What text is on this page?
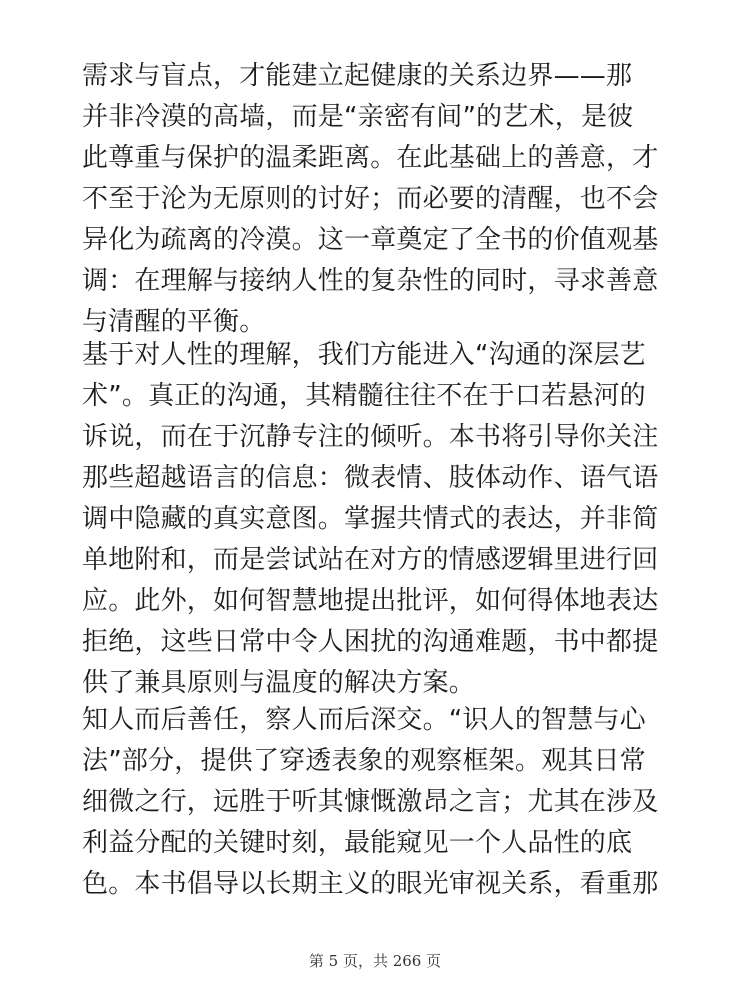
需求与盲点，才能建立起健康的关系边界——那
并非冷漠的高墙，而是“亲密有间”的艺术，是彼
此尊重与保护的温柔距离。在此基础上的善意，才
不至于沦为无原则的讨好；而必要的清醒，也不会
异化为疏离的冷漠。这一章奠定了全书的价值观基
调：在理解与接纳人性的复杂性的同时，寻求善意
与清醒的平衡。
基于对人性的理解，我们方能进入“沟通的深层艺
术”。真正的沟通，其精髓往往不在于口若悬河的
诉说，而在于沉静专注的倾听。本书将引导你关注
那些超越语言的信息：微表情、肢体动作、语气语
调中隐藏的真实意图。掌握共情式的表达，并非简
单地附和，而是尝试站在对方的情感逻辑里进行回
应。此外，如何智慧地提出批评，如何得体地表达
拒绝，这些日常中令人困扰的沟通难题，书中都提
供了兼具原则与温度的解决方案。
知人而后善任，察人而后深交。“识人的智慧与心
法”部分，提供了穿透表象的观察框架。观其日常
细微之行，远胜于听其慷慨激昂之言；尤其在涉及
利益分配的关键时刻，最能窥见一个人品性的底
色。本书倡导以长期主义的眼光审视关系，看重那
第 5 页，共 266 页
